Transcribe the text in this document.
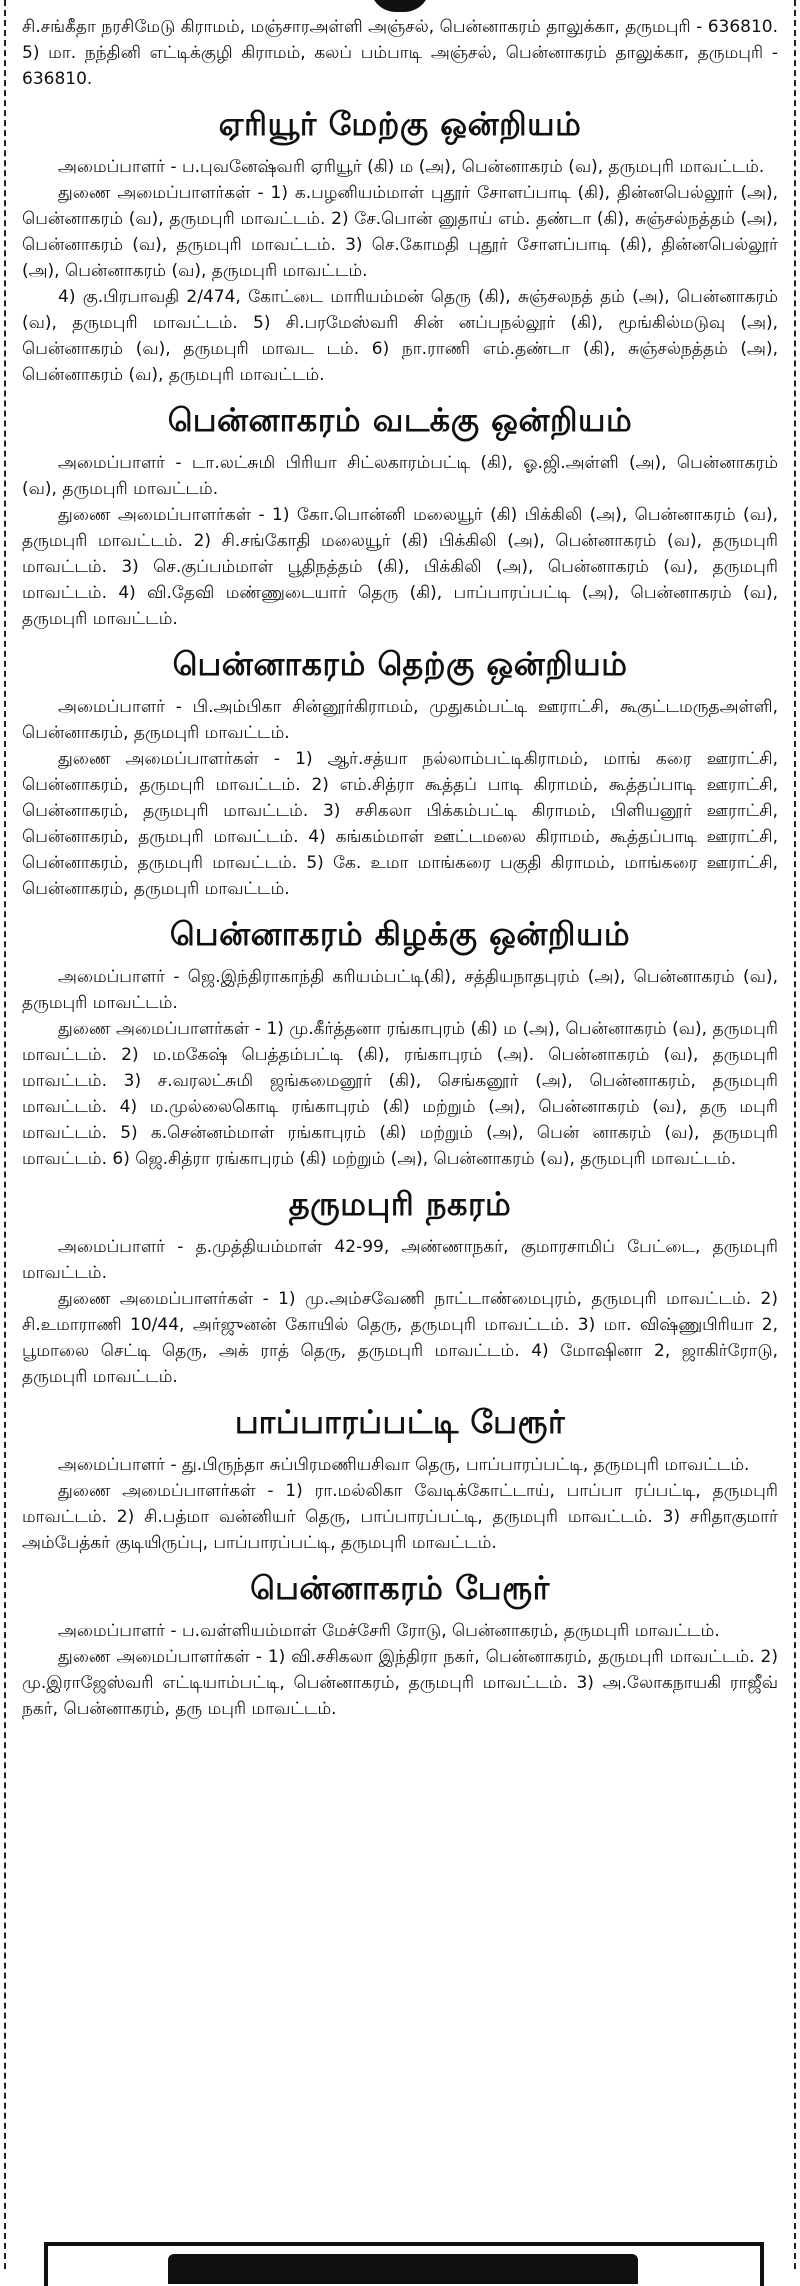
சி.சங்கீதா நரசிமேடு கிராமம், மஞ்சாரஅள்ளி அஞ்சல், பென்னாகரம் தாலுக்கா, தருமபுரி - 636810. 5) மா. நந்தினி எட்டிக்குழி கிராமம், கலப் பம்பாடி அஞ்சல், பென்னாகரம் தாலுக்கா, தருமபுரி - 636810.

ஏரியூர் மேற்கு ஒன்றியம்

அமைப்பாளர் - ப.புவனேஷ்வரி ஏரியூர் (கி) ம (அ), பென்னாகரம் (வ), தருமபுரி மாவட்டம்.

துணை அமைப்பாளர்கள் - 1) க.பழனியம்மாள் புதூர் சோளப்பாடி (கி), தின்னபெல்லூர் (அ), பென்னாகரம் (வ), தருமபுரி மாவட்டம். 2) சே.பொன் னுதாய் எம். தண்டா (கி), சுஞ்சல்நத்தம் (அ), பென்னாகரம் (வ), தருமபுரி மாவட்டம். 3) செ.கோமதி புதூர் சோளப்பாடி (கி), தின்னபெல்லூர் (அ), பென்னாகரம் (வ), தருமபுரி மாவட்டம்.

4) கு.பிரபாவதி 2/474, கோட்டை மாரியம்மன் தெரு (கி), சுஞ்சலநத் தம் (அ), பென்னாகரம் (வ), தருமபுரி மாவட்டம். 5) சி.பரமேஸ்வரி சின் னப்பநல்லூர் (கி), மூங்கில்மடுவு (அ), பென்னாகரம் (வ), தருமபுரி மாவட டம். 6) நா.ராணி எம்.தண்டா (கி), சுஞ்சல்நத்தம் (அ), பென்னாகரம் (வ), தருமபுரி மாவட்டம்.

பென்னாகரம் வடக்கு ஒன்றியம்

அமைப்பாளர் - டா.லட்சுமி பிரியா சிட்லகாரம்பட்டி (கி), ஓ.ஜி.அள்ளி (அ), பென்னாகரம் (வ), தருமபுரி மாவட்டம்.

துணை அமைப்பாளர்கள் - 1) கோ.பொன்னி மலையூர் (கி) பிக்கிலி (அ), பென்னாகரம் (வ), தருமபுரி மாவட்டம். 2) சி.சங்கோதி மலையூர் (கி) பிக்கிலி (அ), பென்னாகரம் (வ), தருமபுரி மாவட்டம். 3) செ.குப்பம்மாள் பூதிநத்தம் (கி), பிக்கிலி (அ), பென்னாகரம் (வ), தருமபுரி மாவட்டம். 4) வி.தேவி மண்ணுடையார் தெரு (கி), பாப்பாரப்பட்டி (அ), பென்னாகரம் (வ), தருமபுரி மாவட்டம்.

பென்னாகரம் தெற்கு ஒன்றியம்

அமைப்பாளர் - பி.அம்பிகா சின்னூர்கிராமம், முதுகம்பட்டி ஊராட்சி, கூகுட்டமருதஅள்ளி, பென்னாகரம், தருமபுரி மாவட்டம்.

துணை அமைப்பாளர்கள் - 1) ஆர்.சத்யா நல்லாம்பட்டிகிராமம், மாங் கரை ஊராட்சி, பென்னாகரம், தருமபுரி மாவட்டம். 2) எம்.சித்ரா கூத்தப் பாடி கிராமம், கூத்தப்பாடி ஊராட்சி, பென்னாகரம், தருமபுரி மாவட்டம். 3) சசிகலா பிக்கம்பட்டி கிராமம், பிளியனூர் ஊராட்சி, பென்னாகரம், தருமபுரி மாவட்டம். 4) கங்கம்மாள் ஊட்டமலை கிராமம், கூத்தப்பாடி ஊராட்சி, பென்னாகரம், தருமபுரி மாவட்டம். 5) கே. உமா மாங்கரை பகுதி கிராமம், மாங்கரை ஊராட்சி, பென்னாகரம், தருமபுரி மாவட்டம்.

பென்னாகரம் கிழக்கு ஒன்றியம்

அமைப்பாளர் - ஜெ.இந்திராகாந்தி கரியம்பட்டி(கி), சத்தியநாதபுரம் (அ), பென்னாகரம் (வ), தருமபுரி மாவட்டம்.

துணை அமைப்பாளர்கள் - 1) மு.கீர்த்தனா ரங்காபுரம் (கி) ம (அ), பென்னாகரம் (வ), தருமபுரி மாவட்டம். 2) ம.மகேஷ் பெத்தம்பட்டி (கி), ரங்காபுரம் (அ). பென்னாகரம் (வ), தருமபுரி மாவட்டம். 3) ச.வரலட்சுமி ஜங்கமைனூர் (கி), செங்கனூர் (அ), பென்னாகரம், தருமபுரி மாவட்டம். 4) ம.முல்லைகொடி ரங்காபுரம் (கி) மற்றும் (அ), பென்னாகரம் (வ), தரு மபுரி மாவட்டம். 5) க.சென்னம்மாள் ரங்காபுரம் (கி) மற்றும் (அ), பென் னாகரம் (வ), தருமபுரி மாவட்டம். 6) ஜெ.சித்ரா ரங்காபுரம் (கி) மற்றும் (அ), பென்னாகரம் (வ), தருமபுரி மாவட்டம்.

தருமபுரி நகரம்

அமைப்பாளர் - த.முத்தியம்மாள் 42-99, அண்ணாநகர், குமாரசாமிப் பேட்டை, தருமபுரி மாவட்டம்.

துணை அமைப்பாளர்கள் - 1) மு.அம்சவேணி நாட்டாண்மைபுரம், தருமபுரி மாவட்டம். 2) சி.உமாராணி 10/44, அர்ஜுனன் கோயில் தெரு, தருமபுரி மாவட்டம். 3) மா. விஷ்ணுபிரியா 2, பூமாலை செட்டி தெரு, அக் ராத் தெரு, தருமபுரி மாவட்டம். 4) மோஷினா 2, ஜாகிர்ரோடு, தருமபுரி மாவட்டம்.

பாப்பாரப்பட்டி பேரூர்

அமைப்பாளர் - து.பிருந்தா சுப்பிரமணியசிவா தெரு, பாப்பாரப்பட்டி, தருமபுரி மாவட்டம்.

துணை அமைப்பாளர்கள் - 1) ரா.மல்லிகா வேடிக்கோட்டாய், பாப்பா ரப்பட்டி, தருமபுரி மாவட்டம். 2) சி.பத்மா வன்னியர் தெரு, பாப்பாரப்பட்டி, தருமபுரி மாவட்டம். 3) சரிதாகுமார் அம்பேத்கர் குடியிருப்பு, பாப்பாரப்பட்டி, தருமபுரி மாவட்டம்.

பென்னாகரம் பேரூர்

அமைப்பாளர் - ப.வள்ளியம்மாள் மேச்சேரி ரோடு, பென்னாகரம், தருமபுரி மாவட்டம்.

துணை அமைப்பாளர்கள் - 1) வி.சசிகலா இந்திரா நகர், பென்னாகரம், தருமபுரி மாவட்டம். 2) மு.இராஜேஸ்வரி எட்டியாம்பட்டி, பென்னாகரம், தருமபுரி மாவட்டம். 3) அ.லோகநாயகி ராஜீவ் நகர், பென்னாகரம், தரு மபுரி மாவட்டம்.
